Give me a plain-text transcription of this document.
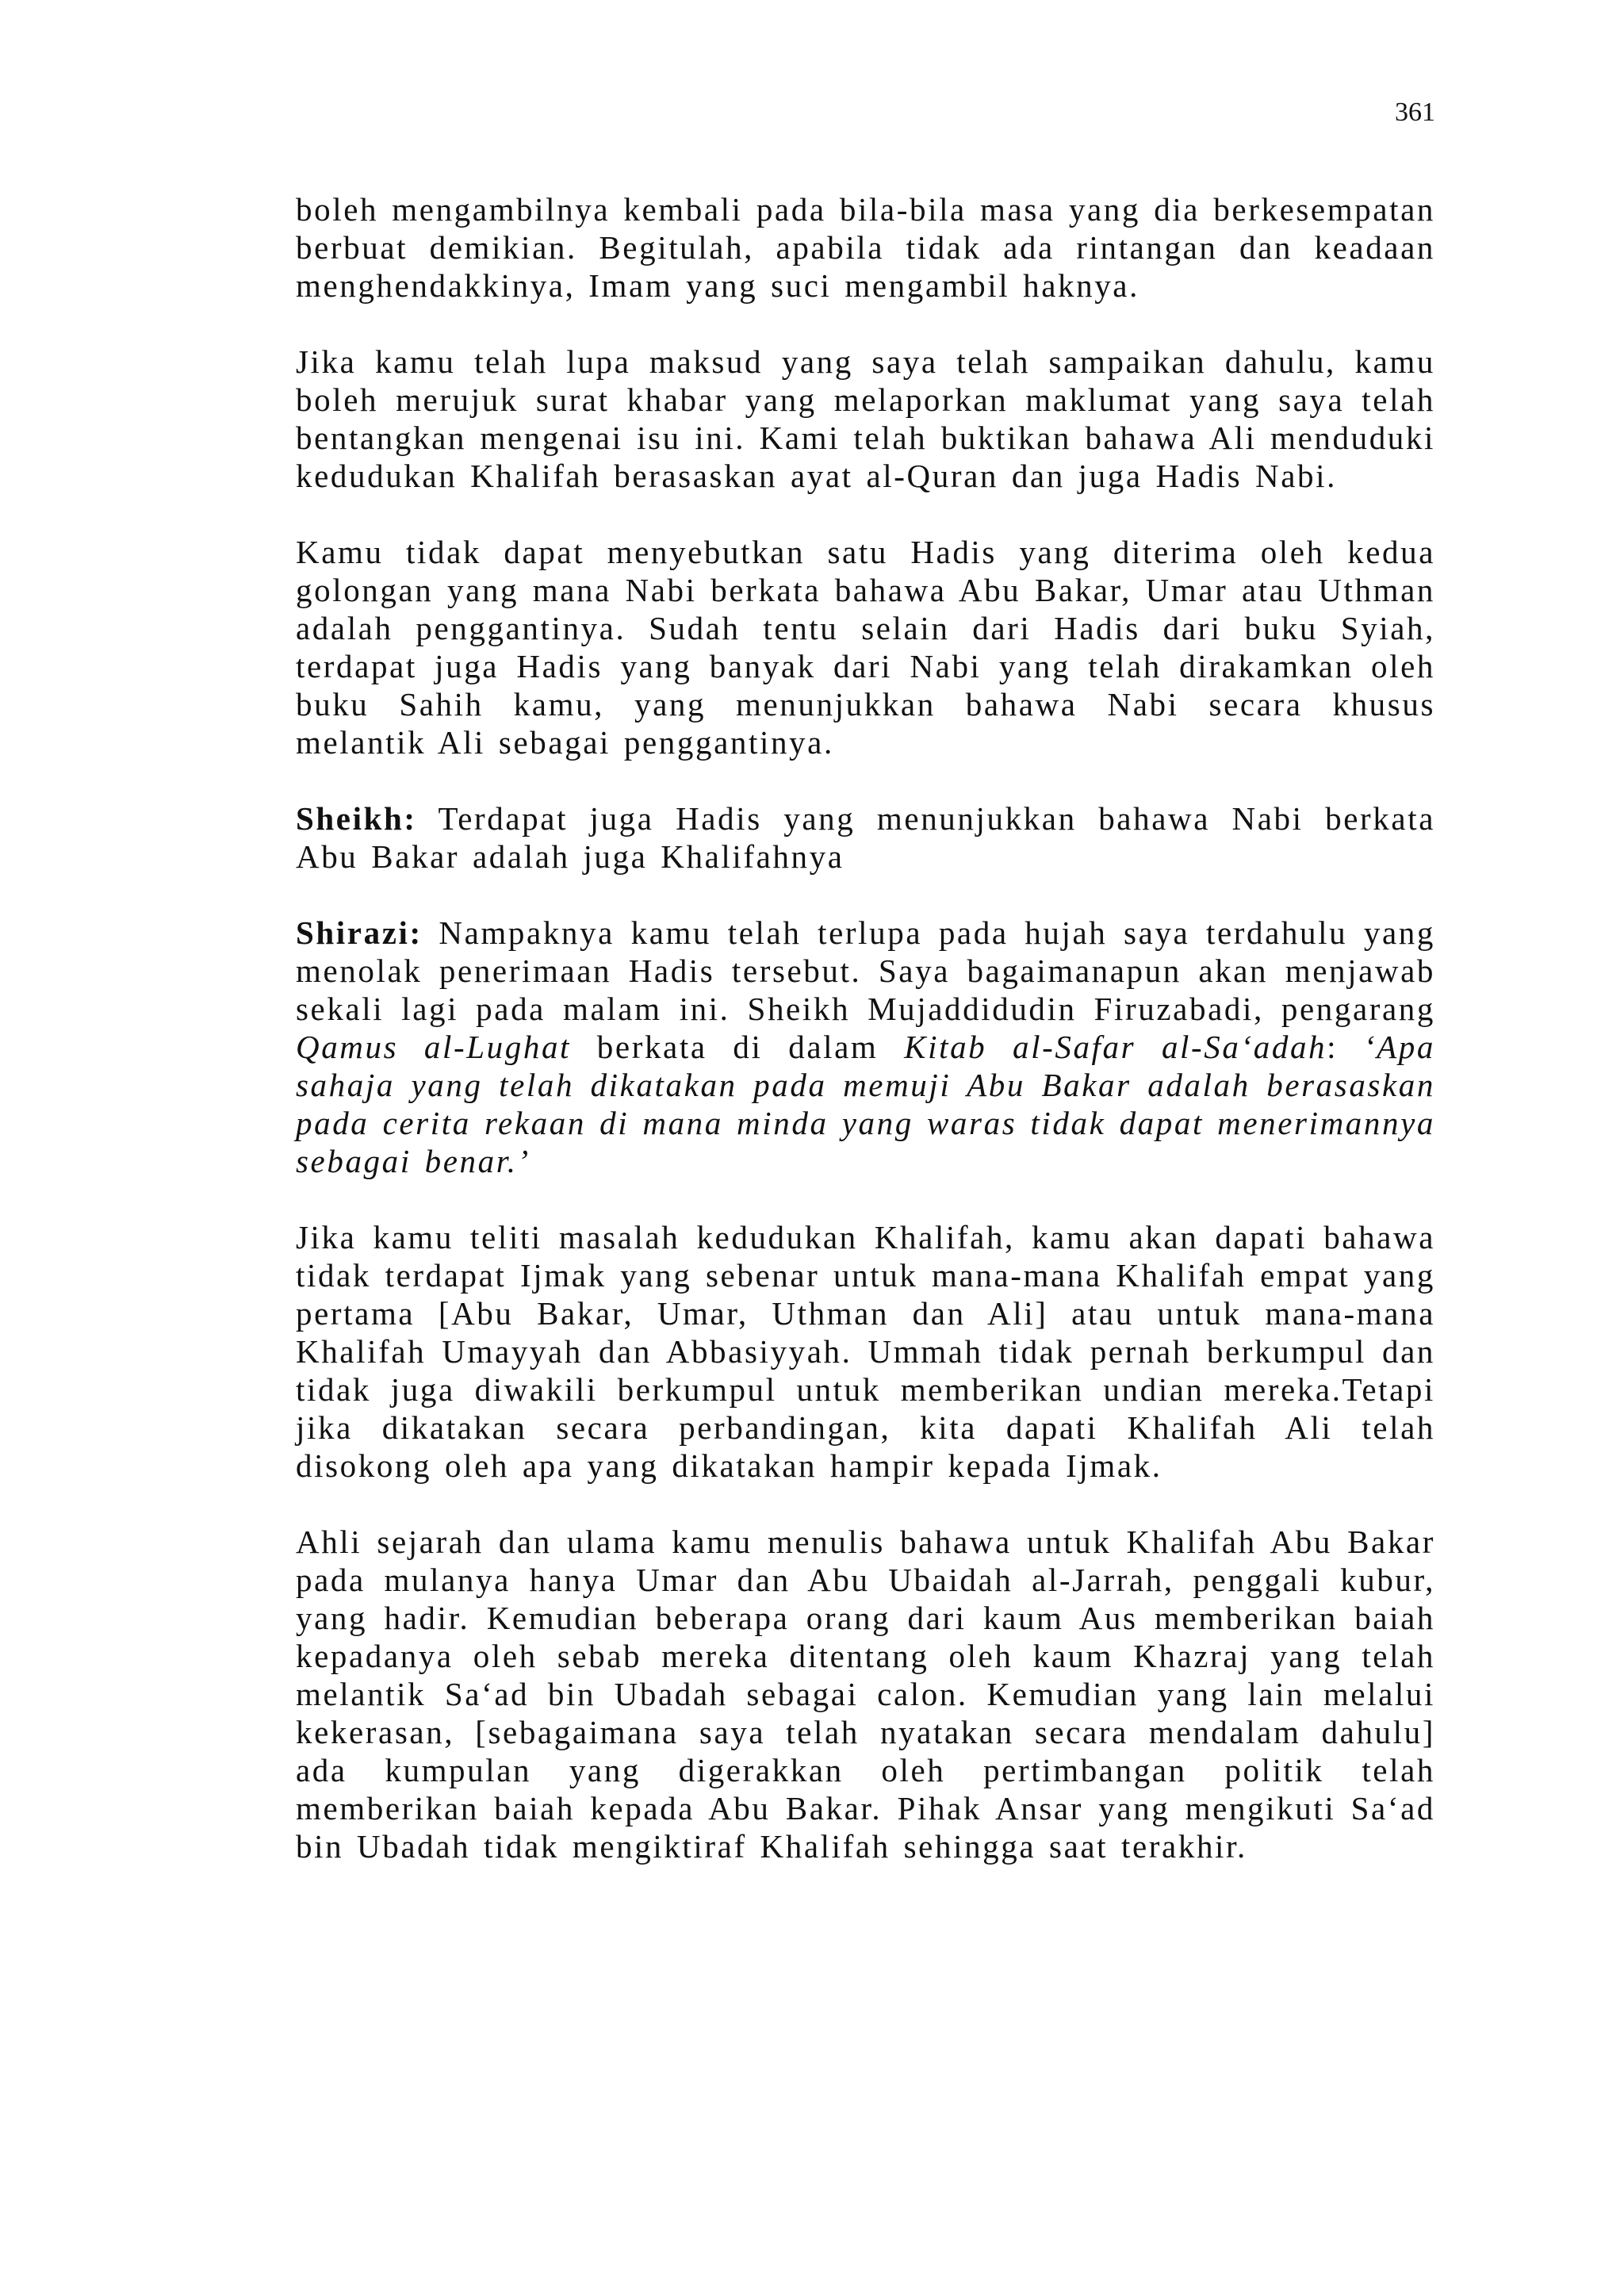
361

boleh mengambilnya kembali pada bila-bila masa yang dia berkesempatan berbuat demikian. Begitulah, apabila tidak ada rintangan dan keadaan menghendakkinya, Imam yang suci mengambil haknya.

Jika kamu telah lupa maksud yang saya telah sampaikan dahulu, kamu boleh merujuk surat khabar yang melaporkan maklumat yang saya telah bentangkan mengenai isu ini. Kami telah buktikan bahawa Ali menduduki kedudukan Khalifah berasaskan ayat al-Quran dan juga Hadis Nabi.

Kamu tidak dapat menyebutkan satu Hadis yang diterima oleh kedua golongan yang mana Nabi berkata bahawa Abu Bakar, Umar atau Uthman adalah penggantinya. Sudah tentu selain dari Hadis dari buku Syiah, terdapat juga Hadis yang banyak dari Nabi yang telah dirakamkan oleh buku Sahih kamu, yang menunjukkan bahawa Nabi secara khusus melantik Ali sebagai penggantinya.

Sheikh: Terdapat juga Hadis yang menunjukkan bahawa Nabi berkata Abu Bakar adalah juga Khalifahnya

Shirazi: Nampaknya kamu telah terlupa pada hujah saya terdahulu yang menolak penerimaan Hadis tersebut. Saya bagaimanapun akan menjawab sekali lagi pada malam ini. Sheikh Mujaddidudin Firuzabadi, pengarang Qamus al-Lughat berkata di dalam Kitab al-Safar al-Sa‘adah: ‘Apa sahaja yang telah dikatakan pada memuji Abu Bakar adalah berasaskan pada cerita rekaan di mana minda yang waras tidak dapat menerimannya sebagai benar.’

Jika kamu teliti masalah kedudukan Khalifah, kamu akan dapati bahawa tidak terdapat Ijmak yang sebenar untuk mana-mana Khalifah empat yang pertama [Abu Bakar, Umar, Uthman dan Ali] atau untuk mana-mana Khalifah Umayyah dan Abbasiyyah. Ummah tidak pernah berkumpul dan tidak juga diwakili berkumpul untuk memberikan undian mereka.Tetapi jika dikatakan secara perbandingan, kita dapati Khalifah Ali telah disokong oleh apa yang dikatakan hampir kepada Ijmak.

Ahli sejarah dan ulama kamu menulis bahawa untuk Khalifah Abu Bakar pada mulanya hanya Umar dan Abu Ubaidah al-Jarrah, penggali kubur, yang hadir. Kemudian beberapa orang dari kaum Aus memberikan baiah kepadanya oleh sebab mereka ditentang oleh kaum Khazraj yang telah melantik Sa‘ad bin Ubadah sebagai calon. Kemudian yang lain melalui kekerasan, [sebagaimana saya telah nyatakan secara mendalam dahulu] ada kumpulan yang digerakkan oleh pertimbangan politik telah memberikan baiah kepada Abu Bakar. Pihak Ansar yang mengikuti Sa‘ad bin Ubadah tidak mengiktiraf Khalifah sehingga saat terakhir.
